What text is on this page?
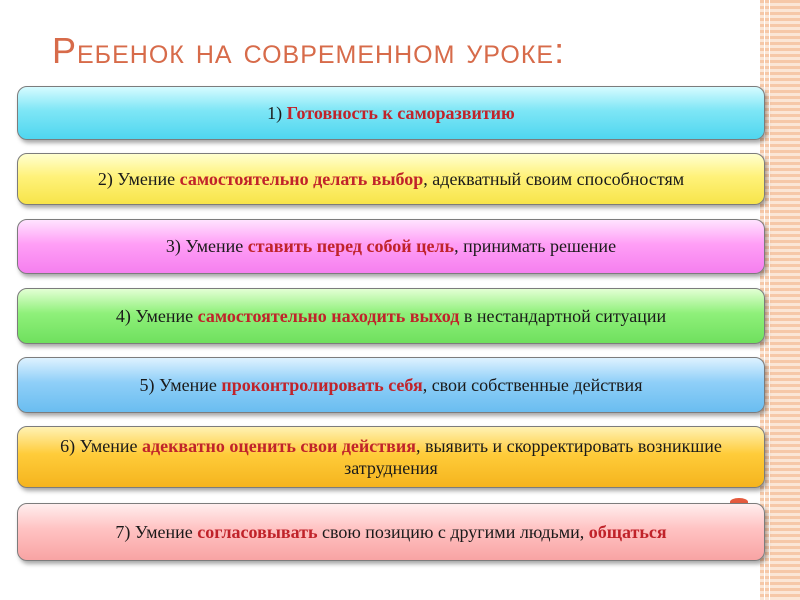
Ребенок на современном уроке:
1) Готовность к саморазвитию
2) Умение самостоятельно делать выбор, адекватный своим способностям
3) Умение ставить перед собой цель, принимать решение
4) Умение самостоятельно находить выход в нестандартной ситуации
5) Умение проконтролировать себя, свои собственные действия
6) Умение адекватно оценить свои действия, выявить и скорректировать возникшие затруднения
7) Умение согласовывать свою позицию с другими людьми, общаться
